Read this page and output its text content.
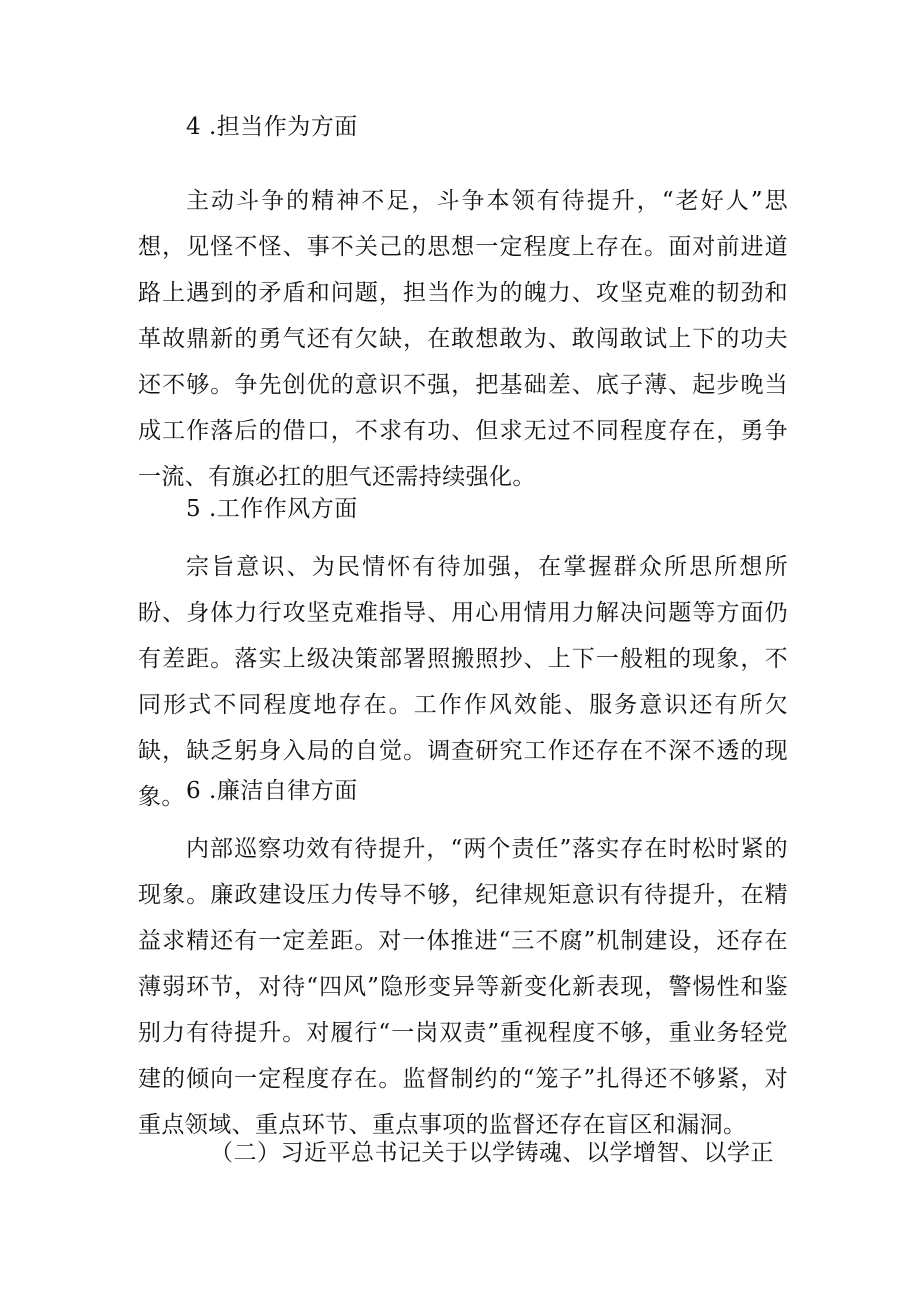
4 .担当作为方面

主动斗争的精神不足，斗争本领有待提升，“老好人”思想，见怪不怪、事不关己的思想一定程度上存在。面对前进道路上遇到的矛盾和问题，担当作为的魄力、攻坚克难的韧劲和革故鼎新的勇气还有欠缺，在敢想敢为、敢闯敢试上下的功夫还不够。争先创优的意识不强，把基础差、底子薄、起步晚当成工作落后的借口，不求有功、但求无过不同程度存在，勇争一流、有旗必扛的胆气还需持续强化。

5 .工作作风方面

宗旨意识、为民情怀有待加强，在掌握群众所思所想所盼、身体力行攻坚克难指导、用心用情用力解决问题等方面仍有差距。落实上级决策部署照搬照抄、上下一般粗的现象，不同形式不同程度地存在。工作作风效能、服务意识还有所欠缺，缺乏躬身入局的自觉。调查研究工作还存在不深不透的现象。 6 .廉洁自律方面

内部巡察功效有待提升，“两个责任”落实存在时松时紧的现象。廉政建设压力传导不够，纪律规矩意识有待提升，在精益求精还有一定差距。对一体推进“三不腐”机制建设，还存在薄弱环节，对待“四风”隐形变异等新变化新表现，警惕性和鉴别力有待提升。对履行“一岗双责”重视程度不够，重业务轻党建的倾向一定程度存在。监督制约的“笼子”扎得还不够紧，对重点领域、重点环节、重点事项的监督还存在盲区和漏洞。

（二）习近平总书记关于以学铸魂、以学增智、以学正
